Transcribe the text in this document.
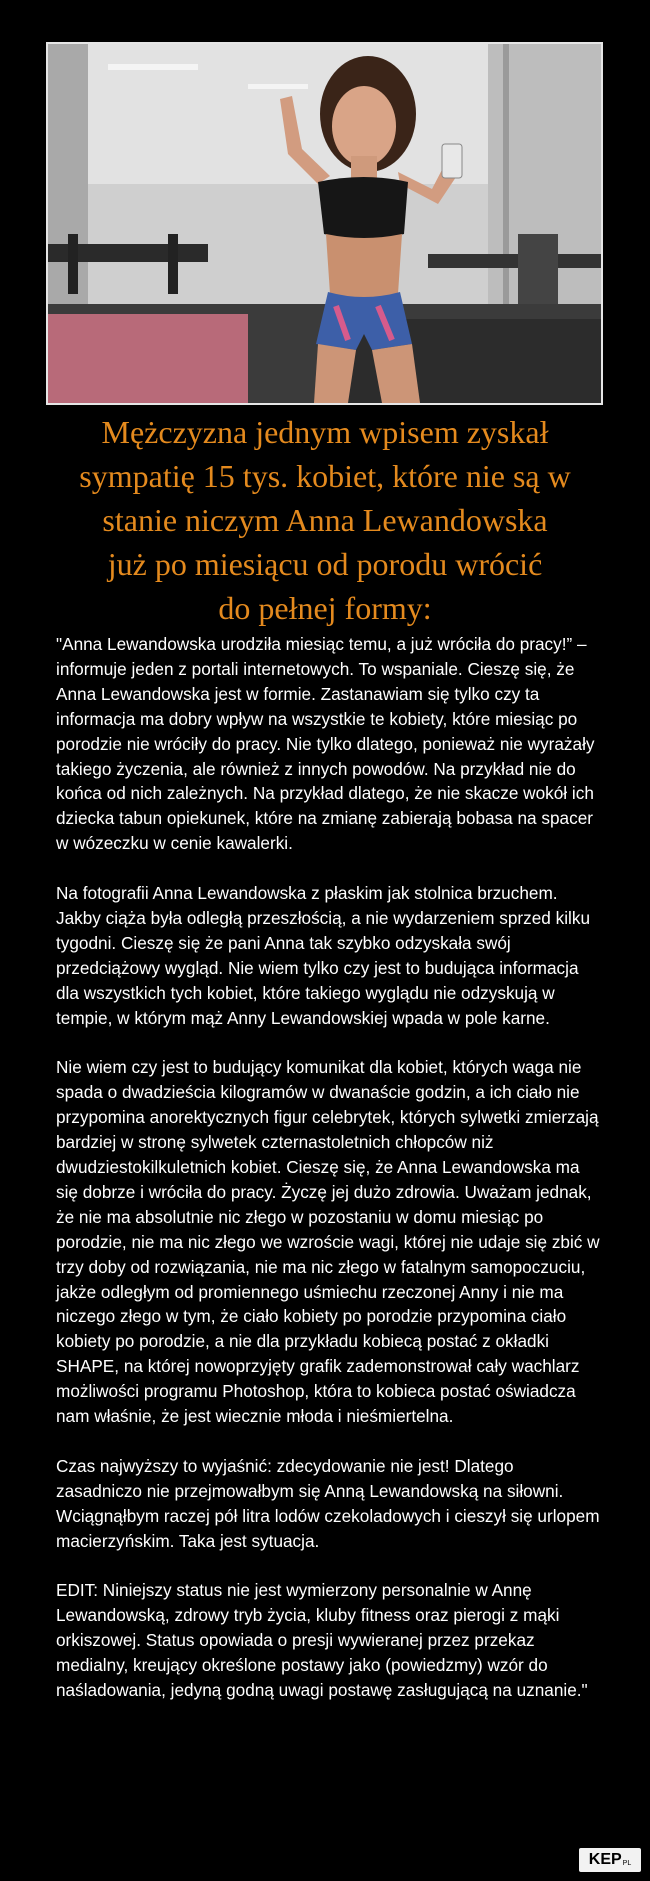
Mężczyzna jednym wpisem zyskał
sympatię 15 tys. kobiet, które nie są w
stanie niczym Anna Lewandowska
już po miesiącu od porodu wrócić
do pełnej formy:

"Anna Lewandowska urodziła miesiąc temu, a już wróciła do pracy!” – informuje jeden z portali internetowych. To wspaniale. Cieszę się, że Anna Lewandowska jest w formie. Zastanawiam się tylko czy ta informacja ma dobry wpływ na wszystkie te kobiety, które miesiąc po porodzie nie wróciły do pracy. Nie tylko dlatego, ponieważ nie wyrażały takiego życzenia, ale również z innych powodów. Na przykład nie do końca od nich zależnych. Na przykład dlatego, że nie skacze wokół ich dziecka tabun opiekunek, które na zmianę zabierają bobasa na spacer w wózeczku w cenie kawalerki.

Na fotografii Anna Lewandowska z płaskim jak stolnica brzuchem. Jakby ciąża była odległą przeszłością, a nie wydarzeniem sprzed kilku tygodni. Cieszę się że pani Anna tak szybko odzyskała swój przedciążowy wygląd. Nie wiem tylko czy jest to budująca informacja dla wszystkich tych kobiet, które takiego wyglądu nie odzyskują w tempie, w którym mąż Anny Lewandowskiej wpada w pole karne.

Nie wiem czy jest to budujący komunikat dla kobiet, których waga nie spada o dwadzieścia kilogramów w dwanaście godzin, a ich ciało nie przypomina anorektycznych figur celebrytek, których sylwetki zmierzają bardziej w stronę sylwetek czternastoletnich chłopców niż dwudziestokilkuletnich kobiet. Cieszę się, że Anna Lewandowska ma się dobrze i wróciła do pracy. Życzę jej dużo zdrowia. Uważam jednak, że nie ma absolutnie nic złego w pozostaniu w domu miesiąc po porodzie, nie ma nic złego we wzroście wagi, której nie udaje się zbić w trzy doby od rozwiązania, nie ma nic złego w fatalnym samopoczuciu, jakże odległym od promiennego uśmiechu rzeczonej Anny i nie ma niczego złego w tym, że ciało kobiety po porodzie przypomina ciało kobiety po porodzie, a nie dla przykładu kobiecą postać z okładki SHAPE, na której nowoprzyjęty grafik zademonstrował cały wachlarz możliwości programu Photoshop, która to kobieca postać oświadcza nam właśnie, że jest wiecznie młoda i nieśmiertelna.

Czas najwyższy to wyjaśnić: zdecydowanie nie jest! Dlatego zasadniczo nie przejmowałbym się Anną Lewandowską na siłowni. Wciągnąłbym raczej pół litra lodów czekoladowych i cieszył się urlopem macierzyńskim. Taka jest sytuacja.

EDIT: Niniejszy status nie jest wymierzony personalnie w Annę Lewandowską, zdrowy tryb życia, kluby fitness oraz pierogi z mąki orkiszowej. Status opowiada o presji wywieranej przez przekaz medialny, kreujący określone postawy jako (powiedzmy) wzór do naśladowania, jedyną godną uwagi postawę zasługującą na uznanie."

K EP PL
